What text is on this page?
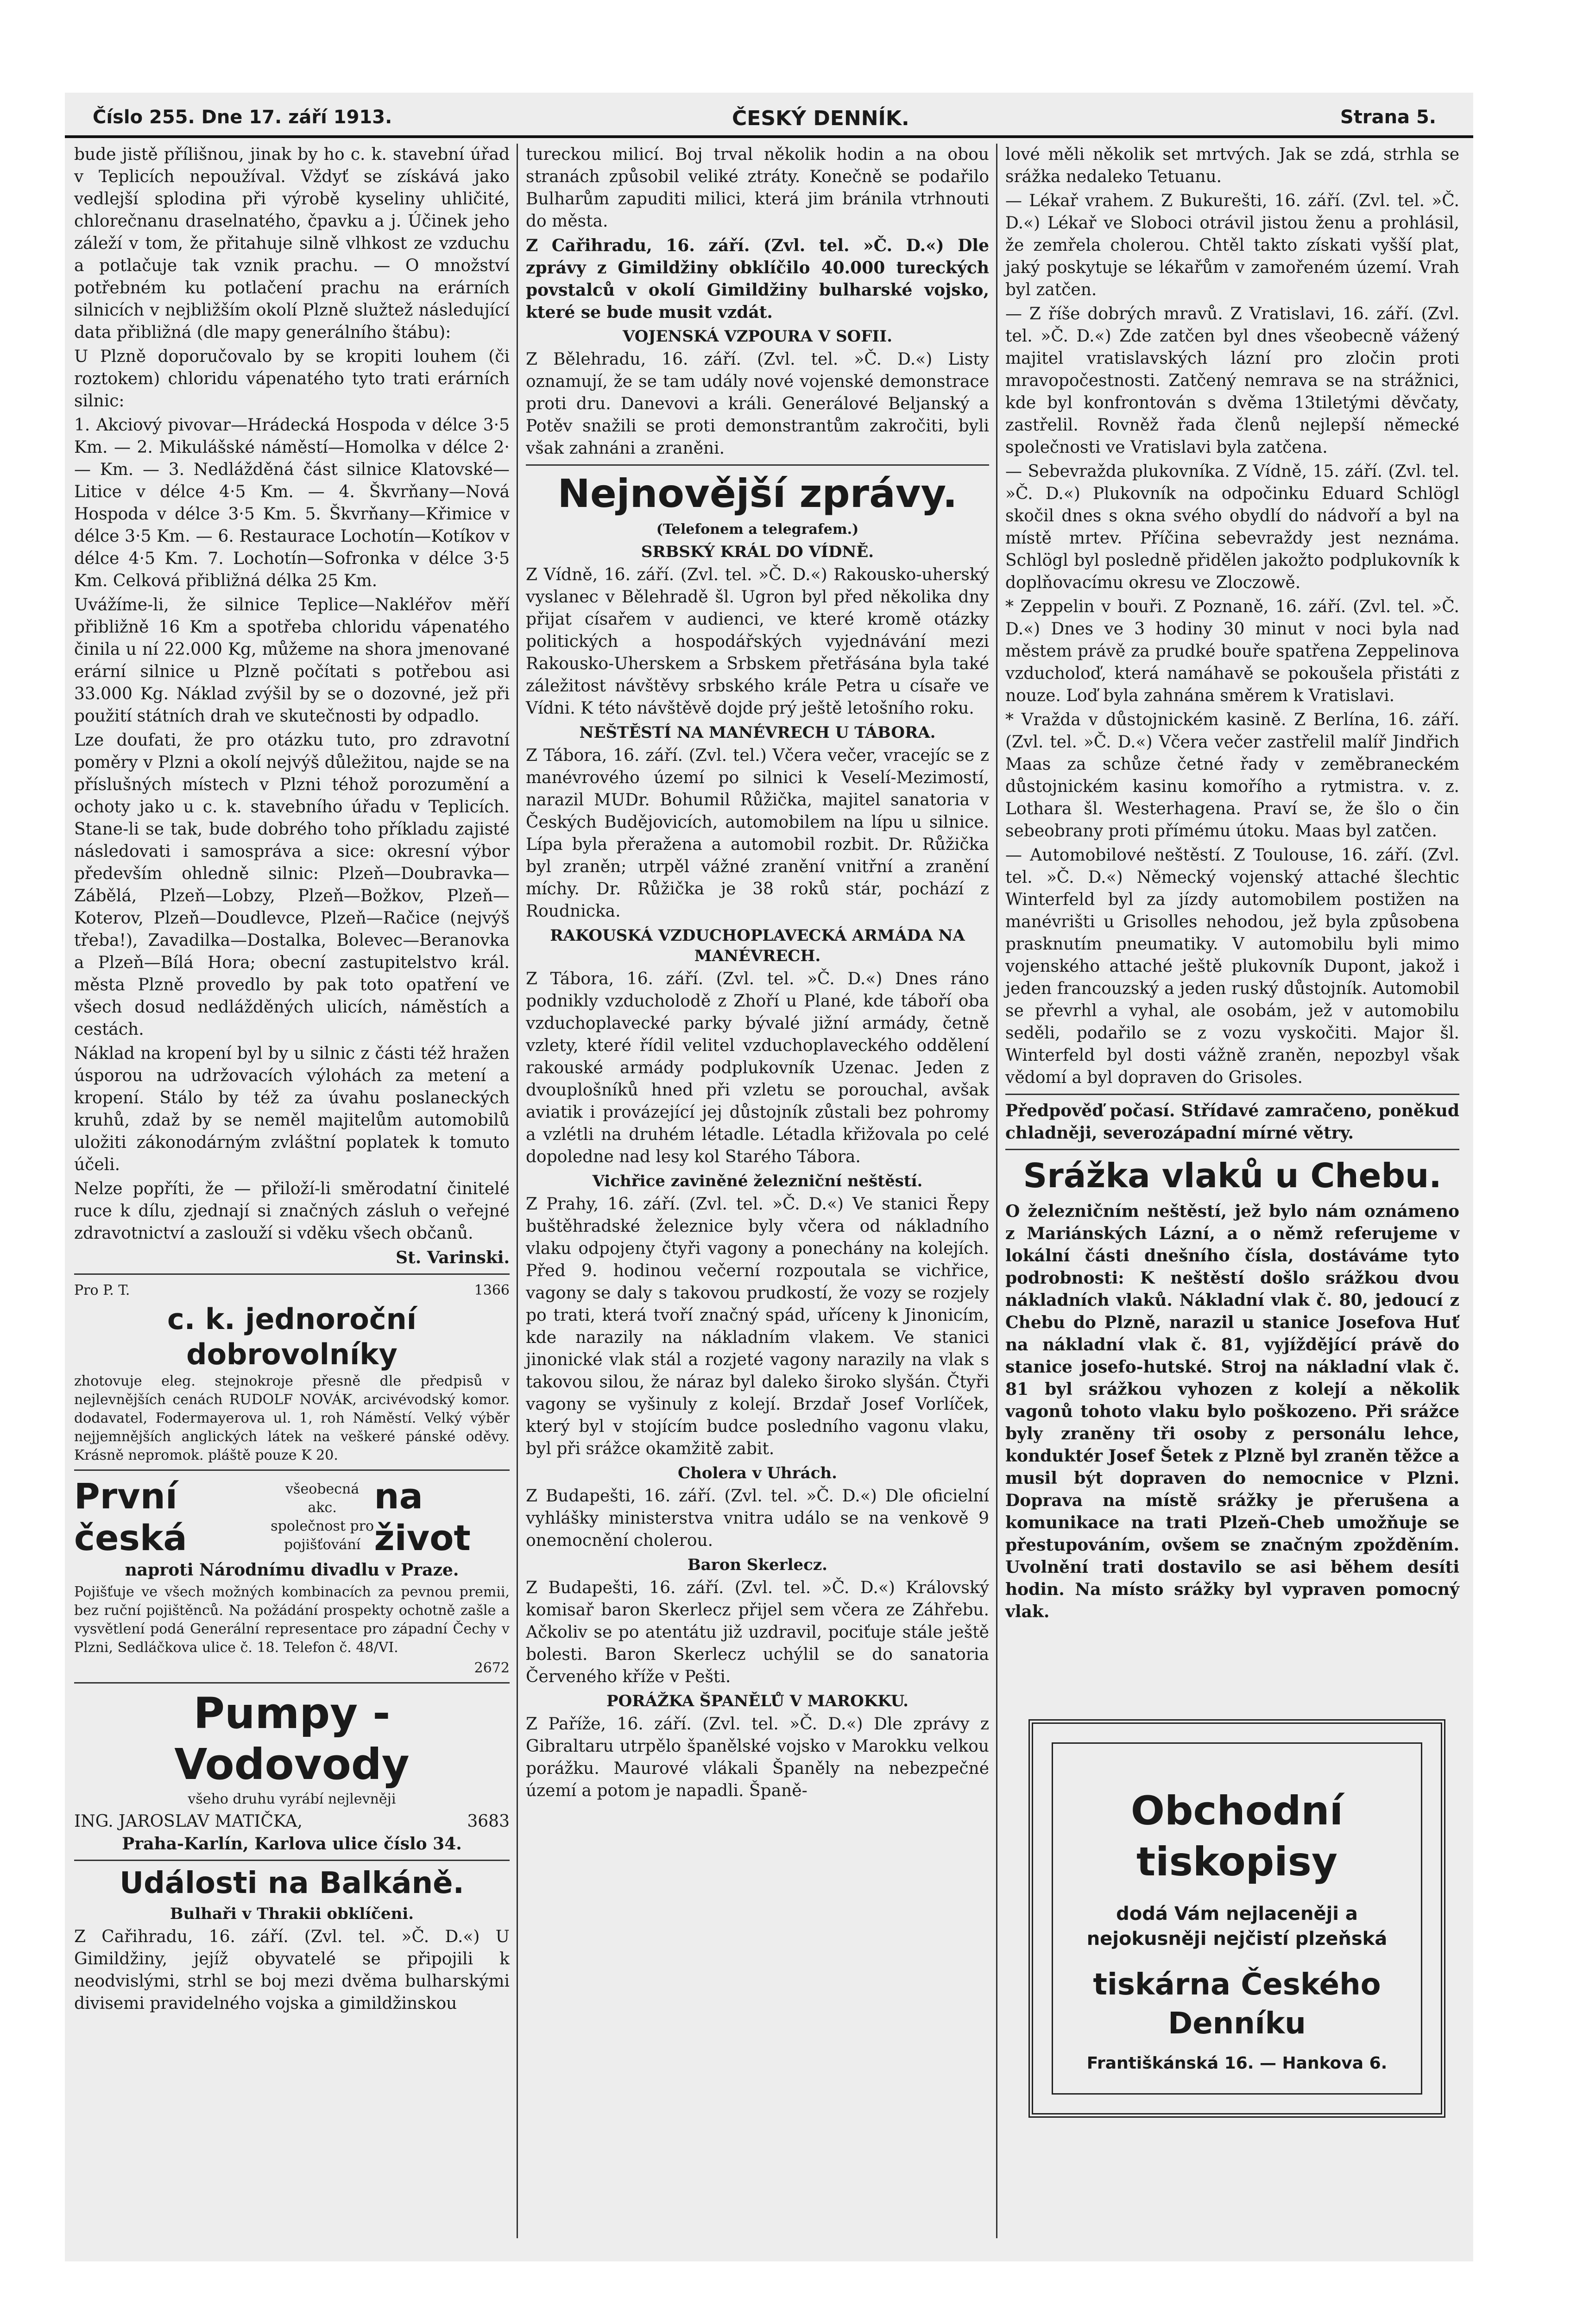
Číslo 255. Dne 17. září 1913.	ČESKÝ DENNÍK.	Strana 5.

bude jistě přílišnou, jinak by ho c. k. stavební úřad v Teplicích nepoužíval. Vždyť se získává jako vedlejší splodina při výrobě kyseliny uhličité, chlorečnanu draselnatého, čpavku a j. Účinek jeho záleží v tom, že přitahuje silně vlhkost ze vzduchu a potlačuje tak vznik prachu. — O množství potřebném ku potlačení prachu na erárních silnicích v nejbližším okolí Plzně služtež následující data přibližná (dle mapy generálního štábu):

U Plzně doporučovalo by se kropiti louhem (či roztokem) chloridu vápenatého tyto trati erárních silnic:

1. Akciový pivovar—Hrádecká Hospoda v délce 3·5 Km. — 2. Mikulášské náměstí—Homolka v délce 2·— Km. — 3. Nedlážděná část silnice Klatovské—Litice v délce 4·5 Km. — 4. Škvrňany—Nová Hospoda v délce 3·5 Km. 5. Škvrňany—Křimice v délce 3·5 Km. — 6. Restaurace Lochotín—Kotíkov v délce 4·5 Km. 7. Lochotín—Sofronka v délce 3·5 Km. Celková přibližná délka 25 Km.

Uvážíme-li, že silnice Teplice—Nakléřov měří přibližně 16 Km a spotřeba chloridu vápenatého činila u ní 22.000 Kg, můžeme na shora jmenované erární silnice u Plzně počítati s potřebou asi 33.000 Kg. Náklad zvýšil by se o dozovné, jež při použití státních drah ve skutečnosti by odpadlo.

Lze doufati, že pro otázku tuto, pro zdravotní poměry v Plzni a okolí nejvýš důležitou, najde se na příslušných místech v Plzni téhož porozumění a ochoty jako u c. k. stavebního úřadu v Teplicích. Stane-li se tak, bude dobrého toho příkladu zajisté následovati i samospráva a sice: okresní výbor především ohledně silnic: Plzeň—Doubravka—Zábělá, Plzeň—Lobzy, Plzeň—Božkov, Plzeň—Koterov, Plzeň—Doudlevce, Plzeň—Račice (nejvýš třeba!), Zavadilka—Dostalka, Bolevec—Beranovka a Plzeň—Bílá Hora; obecní zastupitelstvo král. města Plzně provedlo by pak toto opatření ve všech dosud nedlážděných ulicích, náměstích a cestách.

Náklad na kropení byl by u silnic z části též hražen úsporou na udržovacích výlohách za metení a kropení. Stálo by též za úvahu poslaneckých kruhů, zdaž by se neměl majitelům automobilů uložiti zákonodárným zvláštní poplatek k tomuto účeli.

Nelze popříti, že — přiloží-li směrodatní činitelé ruce k dílu, zjednají si značných zásluh o veřejné zdravotnictví a zaslouží si vděku všech občanů.

St. Varinski.

Pro P. T.	1366
c. k. jednoroční dobrovolníky

zhotovuje eleg. stejnokroje přesně dle předpisů v nejlevnějších cenách RUDOLF NOVÁK, arcivévodský komor. dodavatel, Fodermayerova ul. 1, roh Náměstí. Velký výběr nejjemnějších anglických látek na veškeré pánské oděvy. Krásně nepromok. pláště pouze K 20.

První česká
všeobecná akc. společnost pro pojišťování
na život

naproti Národnímu divadlu v Praze.

Pojišťuje ve všech možných kombinacích za pevnou premii, bez ruční pojištěnců. Na požádání prospekty ochotně zašle a vysvětlení podá Generální representace pro západní Čechy v Plzni, Sedláčkova ulice č. 18. Telefon č. 48/VI.

2672

Pumpy - Vodovody

všeho druhu vyrábí nejlevněji

ING. JAROSLAV MATIČKA,	3683

Praha-Karlín, Karlova ulice číslo 34.

Události na Balkáně.
Bulhaři v Thrakii obklíčeni.

Z Cařihradu, 16. září. (Zvl. tel. »Č. D.«) U Gimildžiny, jejíž obyvatelé se připojili k neodvislými, strhl se boj mezi dvěma bulharskými divisemi pravidelného vojska a gimildžinskou

tureckou milicí. Boj trval několik hodin a na obou stranách způsobil veliké ztráty. Konečně se podařilo Bulharům zapuditi milici, která jim bránila vtrhnouti do města.

Z Cařihradu, 16. září. (Zvl. tel. »Č. D.«) Dle zprávy z Gimildžiny obklíčilo 40.000 tureckých povstalců v okolí Gimildžiny bulharské vojsko, které se bude musit vzdát.

VOJENSKÁ VZPOURA V SOFII.

Z Bělehradu, 16. září. (Zvl. tel. »Č. D.«) Listy oznamují, že se tam udály nové vojenské demonstrace proti dru. Danevovi a králi. Generálové Beljanský a Potěv snažili se proti demonstrantům zakročiti, byli však zahnáni a zraněni.

Nejnovější zprávy.

(Telefonem a telegrafem.)

SRBSKÝ KRÁL DO VÍDNĚ.

Z Vídně, 16. září. (Zvl. tel. »Č. D.«) Rakousko-uherský vyslanec v Bělehradě šl. Ugron byl před několika dny přijat císařem v audienci, ve které kromě otázky politických a hospodářských vyjednávání mezi Rakousko-Uherskem a Srbskem přetřásána byla také záležitost návštěvy srbského krále Petra u císaře ve Vídni. K této návštěvě dojde prý ještě letošního roku.

NEŠTĚSTÍ NA MANÉVRECH U TÁBORA.

Z Tábora, 16. září. (Zvl. tel.) Včera večer, vracejíc se z manévrového území po silnici k Veselí-Mezimostí, narazil MUDr. Bohumil Růžička, majitel sanatoria v Českých Budějovicích, automobilem na lípu u silnice. Lípa byla přeražena a automobil rozbit. Dr. Růžička byl zraněn; utrpěl vážné zranění vnitřní a zranění míchy. Dr. Růžička je 38 roků stár, pochází z Roudnicka.

RAKOUSKÁ VZDUCHOPLAVECKÁ ARMÁDA NA MANÉVRECH.

Z Tábora, 16. září. (Zvl. tel. »Č. D.«) Dnes ráno podnikly vzducholodě z Zhoří u Plané, kde táboří oba vzduchoplavecké parky bývalé jižní armády, četně vzlety, které řídil velitel vzduchoplaveckého oddělení rakouské armády podplukovník Uzenac. Jeden z dvouplošníků hned při vzletu se porouchal, avšak aviatik i provázející jej důstojník zůstali bez pohromy a vzlétli na druhém létadle. Létadla křižovala po celé dopoledne nad lesy kol Starého Tábora.

Vichřice zaviněné železniční neštěstí.

Z Prahy, 16. září. (Zvl. tel. »Č. D.«) Ve stanici Řepy buštěhradské železnice byly včera od nákladního vlaku odpojeny čtyři vagony a ponechány na kolejích. Před 9. hodinou večerní rozpoutala se vichřice, vagony se daly s takovou prudkostí, že vozy se rozjely po trati, která tvoří značný spád, uříceny k Jinonicím, kde narazily na nákladním vlakem. Ve stanici jinonické vlak stál a rozjeté vagony narazily na vlak s takovou silou, že náraz byl daleko široko slyšán. Čtyři vagony se vyšinuly z kolejí. Brzdař Josef Vorlíček, který byl v stojícím budce posledního vagonu vlaku, byl při srážce okamžitě zabit.

Cholera v Uhrách.

Z Budapešti, 16. září. (Zvl. tel. »Č. D.«) Dle oficielní vyhlášky ministerstva vnitra událo se na venkově 9 onemocnění cholerou.

Baron Skerlecz.

Z Budapešti, 16. září. (Zvl. tel. »Č. D.«) Královský komisař baron Skerlecz přijel sem včera ze Záhřebu. Ačkoliv se po atentátu již uzdravil, pociťuje stále ještě bolesti. Baron Skerlecz uchýlil se do sanatoria Červeného kříže v Pešti.

PORÁŽKA ŠPANĚLŮ V MAROKKU.

Z Paříže, 16. září. (Zvl. tel. »Č. D.«) Dle zprávy z Gibraltaru utrpělo španělské vojsko v Marokku velkou porážku. Maurové vlákali Španěly na nebezpečné území a potom je napadli. Španě-

lové měli několik set mrtvých. Jak se zdá, strhla se srážka nedaleko Tetuanu.

— Lékař vrahem. Z Bukurešti, 16. září. (Zvl. tel. »Č. D.«) Lékař ve Sloboci otrávil jistou ženu a prohlásil, že zemřela cholerou. Chtěl takto získati vyšší plat, jaký poskytuje se lékařům v zamořeném území. Vrah byl zatčen.

— Z říše dobrých mravů. Z Vratislavi, 16. září. (Zvl. tel. »Č. D.«) Zde zatčen byl dnes všeobecně vážený majitel vratislavských lázní pro zločin proti mravopočestnosti. Zatčený nemrava se na strážnici, kde byl konfrontován s dvěma 13tiletými děvčaty, zastřelil. Rovněž řada členů nejlepší německé společnosti ve Vratislavi byla zatčena.

— Sebevražda plukovníka. Z Vídně, 15. září. (Zvl. tel. »Č. D.«) Plukovník na odpočinku Eduard Schlögl skočil dnes s okna svého obydlí do nádvoří a byl na místě mrtev. Příčina sebevraždy jest neznáma. Schlögl byl posledně přidělen jakožto podplukovník k doplňovacímu okresu ve Zloczowě.

* Zeppelin v bouři. Z Poznaně, 16. září. (Zvl. tel. »Č. D.«) Dnes ve 3 hodiny 30 minut v noci byla nad městem právě za prudké bouře spatřena Zeppelinova vzducholoď, která namáhavě se pokoušela přistáti z nouze. Loď byla zahnána směrem k Vratislavi.

* Vražda v důstojnickém kasině. Z Berlína, 16. září. (Zvl. tel. »Č. D.«) Včera večer zastřelil malíř Jindřich Maas za schůze četné řady v zeměbraneckém důstojnickém kasinu komořího a rytmistra. v. z. Lothara šl. Westerhagena. Praví se, že šlo o čin sebeobrany proti přímému útoku. Maas byl zatčen.

— Automobilové neštěstí. Z Toulouse, 16. září. (Zvl. tel. »Č. D.«) Německý vojenský attaché šlechtic Winterfeld byl za jízdy automobilem postižen na manévrišti u Grisolles nehodou, jež byla způsobena prasknutím pneumatiky. V automobilu byli mimo vojenského attaché ještě plukovník Dupont, jakož i jeden francouzský a jeden ruský důstojník. Automobil se převrhl a vyhal, ale osobám, jež v automobilu seděli, podařilo se z vozu vyskočiti. Major šl. Winterfeld byl dosti vážně zraněn, nepozbyl však vědomí a byl dopraven do Grisoles.

Předpověď počasí. Střídavé zamračeno, poněkud chladněji, severozápadní mírné větry.

Srážka vlaků u Chebu.

O železničním neštěstí, jež bylo nám oznámeno z Mariánských Lázní, a o němž referujeme v lokální části dnešního čísla, dostáváme tyto podrobnosti: K neštěstí došlo srážkou dvou nákladních vlaků. Nákladní vlak č. 80, jedoucí z Chebu do Plzně, narazil u stanice Josefova Huť na nákladní vlak č. 81, vyjíždějící právě do stanice josefo-hutské. Stroj na nákladní vlak č. 81 byl srážkou vyhozen z kolejí a několik vagonů tohoto vlaku bylo poškozeno. Při srážce byly zraněny tři osoby z personálu lehce, konduktér Josef Šetek z Plzně byl zraněn těžce a musil být dopraven do nemocnice v Plzni. Doprava na místě srážky je přerušena a komunikace na trati Plzeň-Cheb umožňuje se přestupováním, ovšem se značným zpožděním. Uvolnění trati dostavilo se asi během desíti hodin. Na místo srážky byl vypraven pomocný vlak.

Obchodní tiskopisy
dodá Vám nejlaceněji a nejokusněji nejčistí plzeňská
tiskárna Českého Denníku
Františkánská 16. — Hankova 6.
